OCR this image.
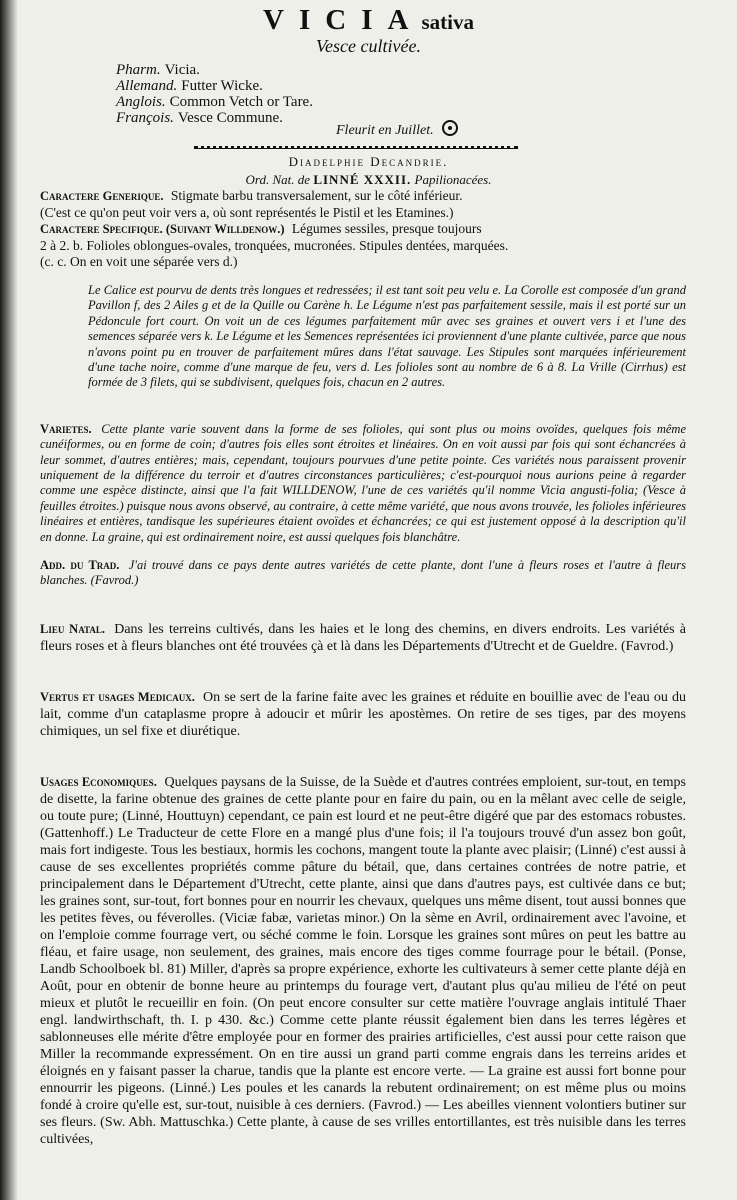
VICIA sativa
Vesce cultivée.
Pharm. Vicia.
Allemand. Futter Wicke.
Anglois. Common Vetch or Tare.
François. Vesce Commune.
Fleurit en Juillet.
Diadelphie Decandrie.
Ord. Nat. de LINNÉ XXXII. Papilionacées.

Caractere Generique. Stigmate barbu transversalement, sur le côté inférieur.

(C'est ce qu'on peut voir vers a, où sont représentés le Pistil et les Etamines.)

Caractere Specifique. (Suivant Willdenow.) Légumes sessiles, presque toujours

2 à 2. b. Folioles oblongues-ovales, tronquées, mucronées. Stipules dentées, marquées.

(c. c. On en voit une séparée vers d.)

Le Calice est pourvu de dents très longues et redressées; il est tant soit peu velu e. La Corolle est composée d'un grand Pavillon f, des 2 Ailes g et de la Quille ou Carène h. Le Légume n'est pas parfaitement sessile, mais il est porté sur un Pédoncule fort court. On voit un de ces légumes parfaitement mûr avec ses graines et ouvert vers i et l'une des semences séparée vers k. Le Légume et les Semences représentées ici proviennent d'une plante cultivée, parce que nous n'avons point pu en trouver de parfaitement mûres dans l'état sauvage. Les Stipules sont marquées inférieurement d'une tache noire, comme d'une marque de feu, vers d. Les folioles sont au nombre de 6 à 8. La Vrille (Cirrhus) est formée de 3 filets, qui se subdivisent, quelques fois, chacun en 2 autres.

Varietes. Cette plante varie souvent dans la forme de ses folioles, qui sont plus ou moins ovoïdes, quelques fois même cunéiformes, ou en forme de coin; d'autres fois elles sont étroites et linéaires. On en voit aussi par fois qui sont échancrées à leur sommet, d'autres entières; mais, cependant, toujours pourvues d'une petite pointe. Ces variétés nous paraissent provenir uniquement de la différence du terroir et d'autres circonstances particulières; c'est-pourquoi nous aurions peine à regarder comme une espèce distincte, ainsi que l'a fait WILLDENOW, l'une de ces variétés qu'il nomme Vicia angusti-folia; (Vesce à feuilles étroites.) puisque nous avons observé, au contraire, à cette même variété, que nous avons trouvée, les folioles inférieures linéaires et entières, tandisque les supérieures étaient ovoïdes et échancrées; ce qui est justement opposé à la description qu'il en donne. La graine, qui est ordinairement noire, est aussi quelques fois blanchâtre.

Add. du Trad. J'ai trouvé dans ce pays dente autres variétés de cette plante, dont l'une à fleurs roses et l'autre à fleurs blanches. (Favrod.)

Lieu Natal. Dans les terreins cultivés, dans les haies et le long des chemins, en divers endroits. Les variétés à fleurs roses et à fleurs blanches ont été trouvées çà et là dans les Départements d'Utrecht et de Gueldre. (Favrod.)

Vertus et usages Medicaux. On se sert de la farine faite avec les graines et réduite en bouillie avec de l'eau ou du lait, comme d'un cataplasme propre à adoucir et mûrir les apostèmes. On retire de ses tiges, par des moyens chimiques, un sel fixe et diurétique.

Usages Economiques. Quelques paysans de la Suisse, de la Suède et d'autres contrées emploient, sur-tout, en temps de disette, la farine obtenue des graines de cette plante pour en faire du pain, ou en la mêlant avec celle de seigle, ou toute pure; (Linné, Houttuyn) cependant, ce pain est lourd et ne peut-être digéré que par des estomacs robustes. (Gattenhoff.) Le Traducteur de cette Flore en a mangé plus d'une fois; il l'a toujours trouvé d'un assez bon goût, mais fort indigeste. Tous les bestiaux, hormis les cochons, mangent toute la plante avec plaisir; (Linné) c'est aussi à cause de ses excellentes propriétés comme pâture du bétail, que, dans certaines contrées de notre patrie, et principalement dans le Département d'Utrecht, cette plante, ainsi que dans d'autres pays, est cultivée dans ce but; les graines sont, sur-tout, fort bonnes pour en nourrir les chevaux, quelques uns même disent, tout aussi bonnes que les petites fèves, ou féverolles. (Viciæ fabæ, varietas minor.) On la sème en Avril, ordinairement avec l'avoine, et on l'emploie comme fourrage vert, ou séché comme le foin. Lorsque les graines sont mûres on peut les battre au fléau, et faire usage, non seulement, des graines, mais encore des tiges comme fourrage pour le bétail. (Ponse, Landb Schoolboek bl. 81) Miller, d'après sa propre expérience, exhorte les cultivateurs à semer cette plante déjà en Août, pour en obtenir de bonne heure au printemps du fourage vert, d'autant plus qu'au milieu de l'été on peut mieux et plutôt le recueillir en foin. (On peut encore consulter sur cette matière l'ouvrage anglais intitulé Thaer engl. landwirthschaft, th. I. p 430. &c.) Comme cette plante réussit également bien dans les terres légères et sablonneuses elle mérite d'être employée pour en former des prairies artificielles, c'est aussi pour cette raison que Miller la recommande expressément. On en tire aussi un grand parti comme engrais dans les terreins arides et éloignés en y faisant passer la charue, tandis que la plante est encore verte. — La graine est aussi fort bonne pour ennourrir les pigeons. (Linné.) Les poules et les canards la rebutent ordinairement; on est même plus ou moins fondé à croire qu'elle est, sur-tout, nuisible à ces derniers. (Favrod.) — Les abeilles viennent volontiers butiner sur ses fleurs. (Sw. Abh. Mattuschka.) Cette plante, à cause de ses vrilles entortillantes, est très nuisible dans les terres cultivées,
